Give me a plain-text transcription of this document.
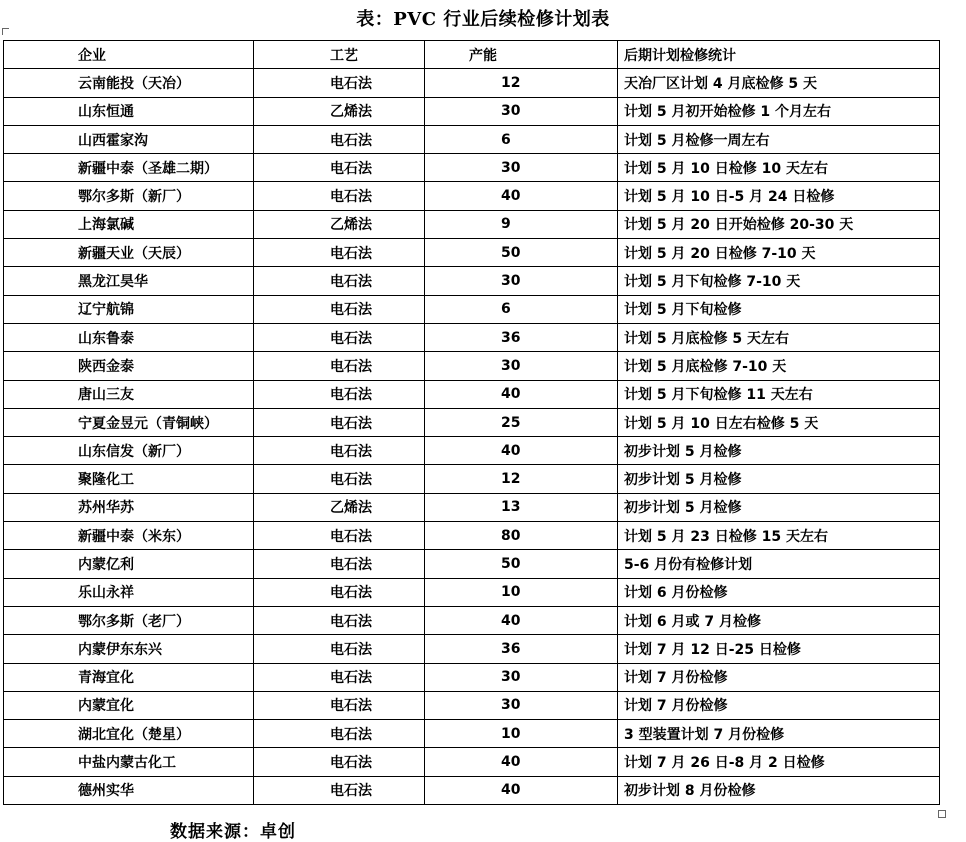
表：PVC 行业后续检修计划表
企业	工艺	产能	后期计划检修统计
云南能投（天冶）	电石法	12	天冶厂区计划 4 月底检修 5 天
山东恒通	乙烯法	30	计划 5 月初开始检修 1 个月左右
山西霍家沟	电石法	6	计划 5 月检修一周左右
新疆中泰（圣雄二期）	电石法	30	计划 5 月 10 日检修 10 天左右
鄂尔多斯（新厂）	电石法	40	计划 5 月 10 日-5 月 24 日检修
上海氯碱	乙烯法	9	计划 5 月 20 日开始检修 20-30 天
新疆天业（天辰）	电石法	50	计划 5 月 20 日检修 7-10 天
黑龙江昊华	电石法	30	计划 5 月下旬检修 7-10 天
辽宁航锦	电石法	6	计划 5 月下旬检修
山东鲁泰	电石法	36	计划 5 月底检修 5 天左右
陕西金泰	电石法	30	计划 5 月底检修 7-10 天
唐山三友	电石法	40	计划 5 月下旬检修 11 天左右
宁夏金昱元（青铜峡）	电石法	25	计划 5 月 10 日左右检修 5 天
山东信发（新厂）	电石法	40	初步计划 5 月检修
聚隆化工	电石法	12	初步计划 5 月检修
苏州华苏	乙烯法	13	初步计划 5 月检修
新疆中泰（米东）	电石法	80	计划 5 月 23 日检修 15 天左右
内蒙亿利	电石法	50	5-6 月份有检修计划
乐山永祥	电石法	10	计划 6 月份检修
鄂尔多斯（老厂）	电石法	40	计划 6 月或 7 月检修
内蒙伊东东兴	电石法	36	计划 7 月 12 日-25 日检修
青海宜化	电石法	30	计划 7 月份检修
内蒙宜化	电石法	30	计划 7 月份检修
湖北宜化（楚星）	电石法	10	3 型装置计划 7 月份检修
中盐内蒙古化工	电石法	40	计划 7 月 26 日-8 月 2 日检修
德州实华	电石法	40	初步计划 8 月份检修
数据来源：卓创
